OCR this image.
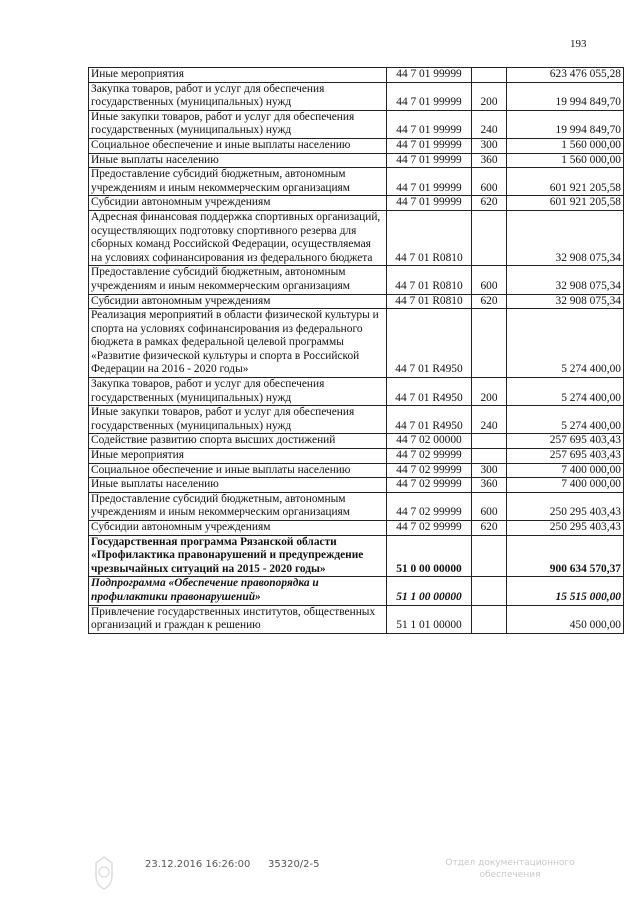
193
Иные мероприятия	44 7 01 99999		623 476 055,28
Закупка товаров, работ и услуг для обеспечения государственных (муниципальных) нужд	44 7 01 99999	200	19 994 849,70
Иные закупки товаров, работ и услуг для обеспечения государственных (муниципальных) нужд	44 7 01 99999	240	19 994 849,70
Социальное обеспечение и иные выплаты населению	44 7 01 99999	300	1 560 000,00
Иные выплаты населению	44 7 01 99999	360	1 560 000,00
Предоставление субсидий бюджетным, автономным учреждениям и иным некоммерческим организациям	44 7 01 99999	600	601 921 205,58
Субсидии автономным учреждениям	44 7 01 99999	620	601 921 205,58
Адресная финансовая поддержка спортивных организаций, осуществляющих подготовку спортивного резерва для сборных команд Российской Федерации, осуществляемая на условиях софинансирования из федерального бюджета	44 7 01 R0810		32 908 075,34
Предоставление субсидий бюджетным, автономным учреждениям и иным некоммерческим организациям	44 7 01 R0810	600	32 908 075,34
Субсидии автономным учреждениям	44 7 01 R0810	620	32 908 075,34
Реализация мероприятий в области физической культуры и спорта на условиях софинансирования из федерального бюджета в рамках федеральной целевой программы «Развитие физической культуры и спорта в Российской Федерации на 2016 - 2020 годы»	44 7 01 R4950		5 274 400,00
Закупка товаров, работ и услуг для обеспечения государственных (муниципальных) нужд	44 7 01 R4950	200	5 274 400,00
Иные закупки товаров, работ и услуг для обеспечения государственных (муниципальных) нужд	44 7 01 R4950	240	5 274 400,00
Содействие развитию спорта высших достижений	44 7 02 00000		257 695 403,43
Иные мероприятия	44 7 02 99999		257 695 403,43
Социальное обеспечение и иные выплаты населению	44 7 02 99999	300	7 400 000,00
Иные выплаты населению	44 7 02 99999	360	7 400 000,00
Предоставление субсидий бюджетным, автономным учреждениям и иным некоммерческим организациям	44 7 02 99999	600	250 295 403,43
Субсидии автономным учреждениям	44 7 02 99999	620	250 295 403,43
Государственная программа Рязанской области «Профилактика правонарушений и предупреждение чрезвычайных ситуаций на 2015 - 2020 годы»	51 0 00 00000		900 634 570,37
Подпрограмма «Обеспечение правопорядка и профилактики правонарушений»	51 1 00 00000		15 515 000,00
Привлечение государственных институтов, общественных организаций и граждан к решению	51 1 01 00000		450 000,00
23.12.2016 16:26:00 35320/2-5	Отдел документационного обеспечения
